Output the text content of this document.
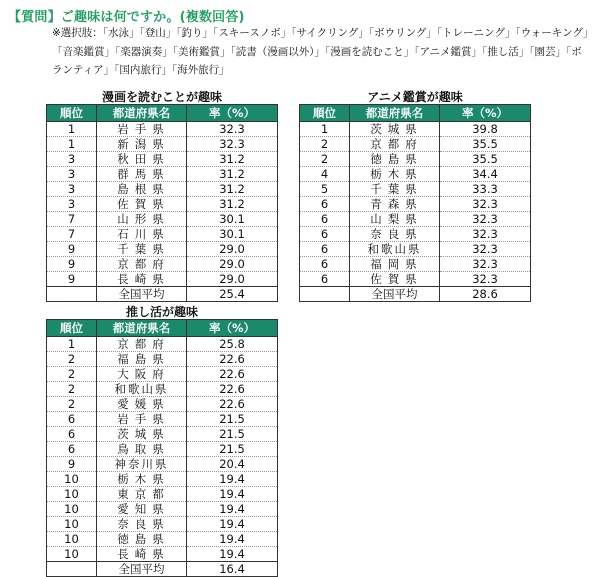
【質問】ご趣味は何ですか。(複数回答)
※選択肢：「水泳」「登山」「釣り」「スキースノボ」「サイクリング」「ボウリング」「トレーニング」「ウォーキング」「音楽鑑賞」「楽器演奏」「美術鑑賞」「読書（漫画以外）」「漫画を読むこと」「アニメ鑑賞」「推し活」「園芸」「ボランティア」「国内旅行」「海外旅行」
漫画を読むことが趣味
順位	都道府県名	率（%）
1	岩手県	32.3
1	新潟県	32.3
3	秋田県	31.2
3	群馬県	31.2
3	島根県	31.2
3	佐賀県	31.2
7	山形県	30.1
7	石川県	30.1
9	千葉県	29.0
9	京都府	29.0
9	長崎県	29.0
	全国平均	25.4
アニメ鑑賞が趣味
順位	都道府県名	率（%）
1	茨城県	39.8
2	京都府	35.5
2	徳島県	35.5
4	栃木県	34.4
5	千葉県	33.3
6	青森県	32.3
6	山梨県	32.3
6	奈良県	32.3
6	和歌山県	32.3
6	福岡県	32.3
6	佐賀県	32.3
	全国平均	28.6
推し活が趣味
順位	都道府県名	率（%）
1	京都府	25.8
2	福島県	22.6
2	大阪府	22.6
2	和歌山県	22.6
2	愛媛県	22.6
6	岩手県	21.5
6	茨城県	21.5
6	鳥取県	21.5
9	神奈川県	20.4
10	栃木県	19.4
10	東京都	19.4
10	愛知県	19.4
10	奈良県	19.4
10	徳島県	19.4
10	長崎県	19.4
	全国平均	16.4
